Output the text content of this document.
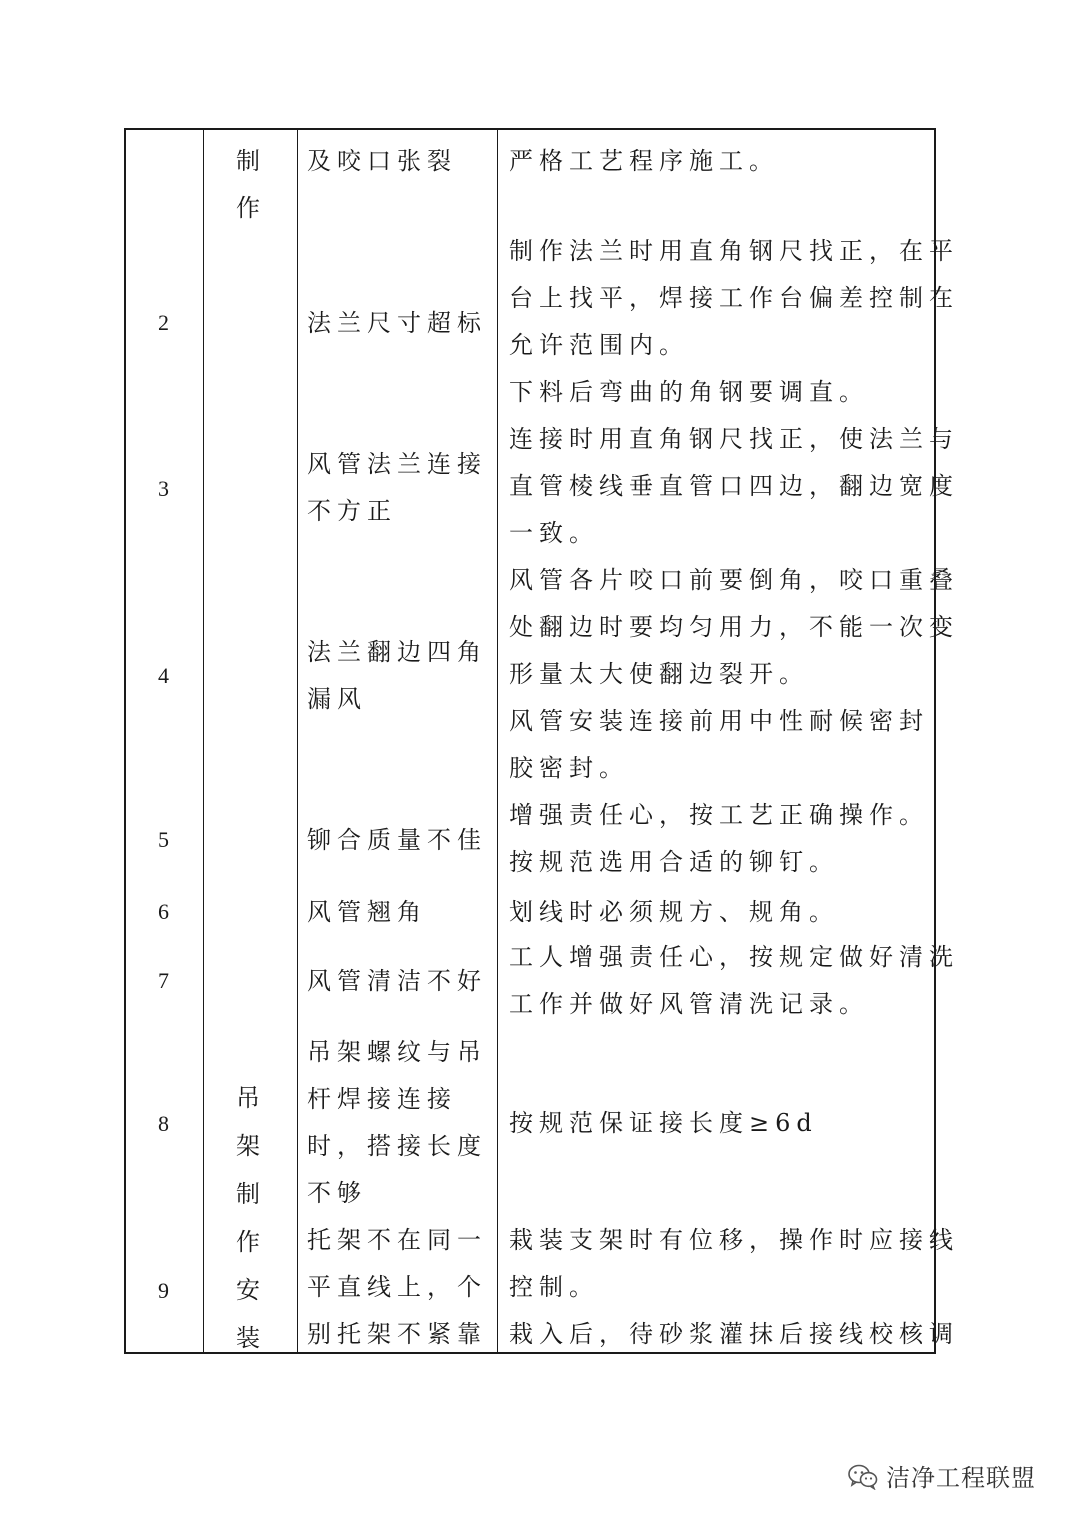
2
3
4
5
6
7
8
9
制
作
吊
架
制
作
安
装
及咬口张裂
法兰尺寸超标
风管法兰连接
不方正
法兰翻边四角
漏风
铆合质量不佳
风管翘角
风管清洁不好
吊架螺纹与吊
杆焊接连接
时，搭接长度
不够
托架不在同一
平直线上，个
别托架不紧靠
严格工艺程序施工。
制作法兰时用直角钢尺找正，在平
台上找平，焊接工作台偏差控制在
允许范围内。
下料后弯曲的角钢要调直。
连接时用直角钢尺找正，使法兰与
直管棱线垂直管口四边，翻边宽度
一致。
风管各片咬口前要倒角，咬口重叠
处翻边时要均匀用力，不能一次变
形量太大使翻边裂开。
风管安装连接前用中性耐候密封
胶密封。
增强责任心，按工艺正确操作。
按规范选用合适的铆钉。
划线时必须规方、规角。
工人增强责任心，按规定做好清洗
工作并做好风管清洗记录。
按规范保证接长度≥6d
栽装支架时有位移，操作时应接线
控制。
栽入后，待砂浆灌抹后接线校核调
洁净工程联盟
